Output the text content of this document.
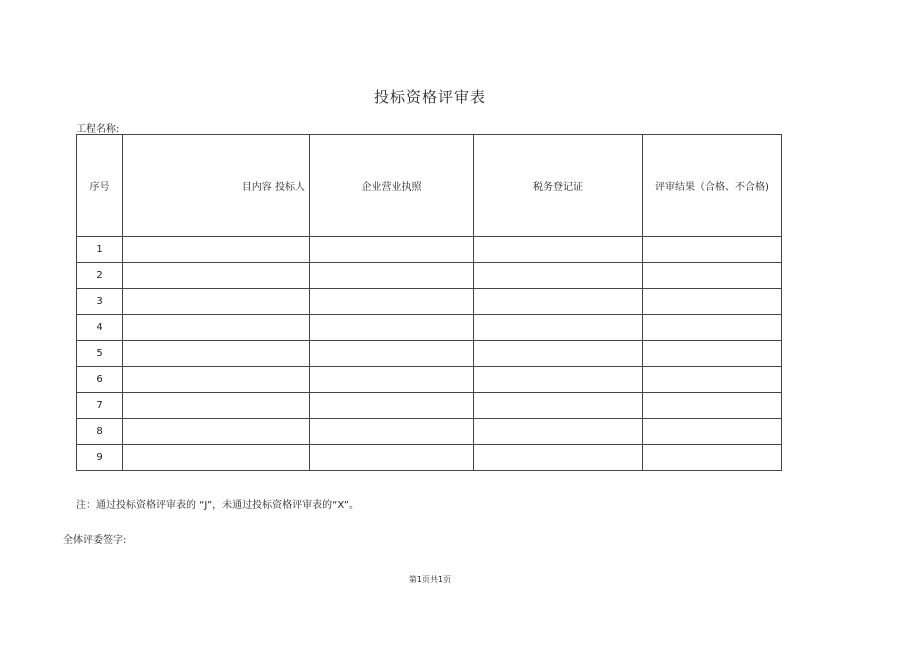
投标资格评审表
工程名称:
序号	目内容 投标人	企业营业执照	税务登记证	评审结果（合格、不合格)
1				
2				
3				
4				
5				
6				
7				
8				
9				
注：通过投标资格评审表的 “J”，未通过投标资格评审表的“X”。
全体评委签字:
第1页共1页
